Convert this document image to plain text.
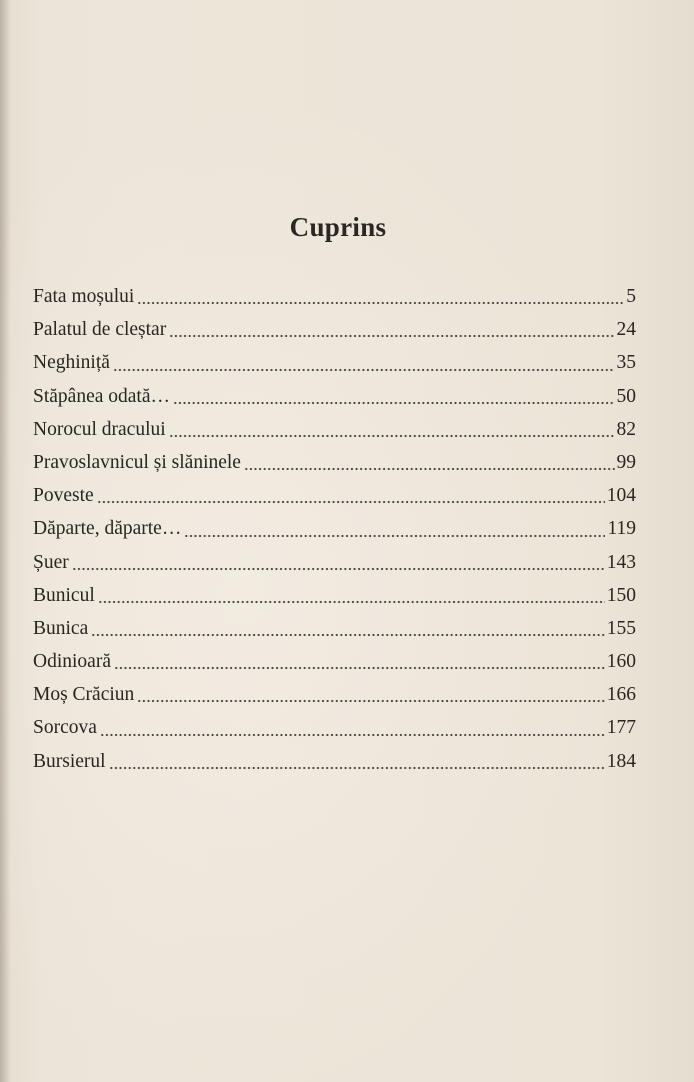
Cuprins
Fata moșului	5
Palatul de cleștar	24
Neghiniță	35
Stăpânea odată…	50
Norocul dracului	82
Pravoslavnicul și slăninele	99
Poveste	104
Dăparte, dăparte…	119
Șuer	143
Bunicul	150
Bunica	155
Odinioară	160
Moș Crăciun	166
Sorcova	177
Bursierul	184
